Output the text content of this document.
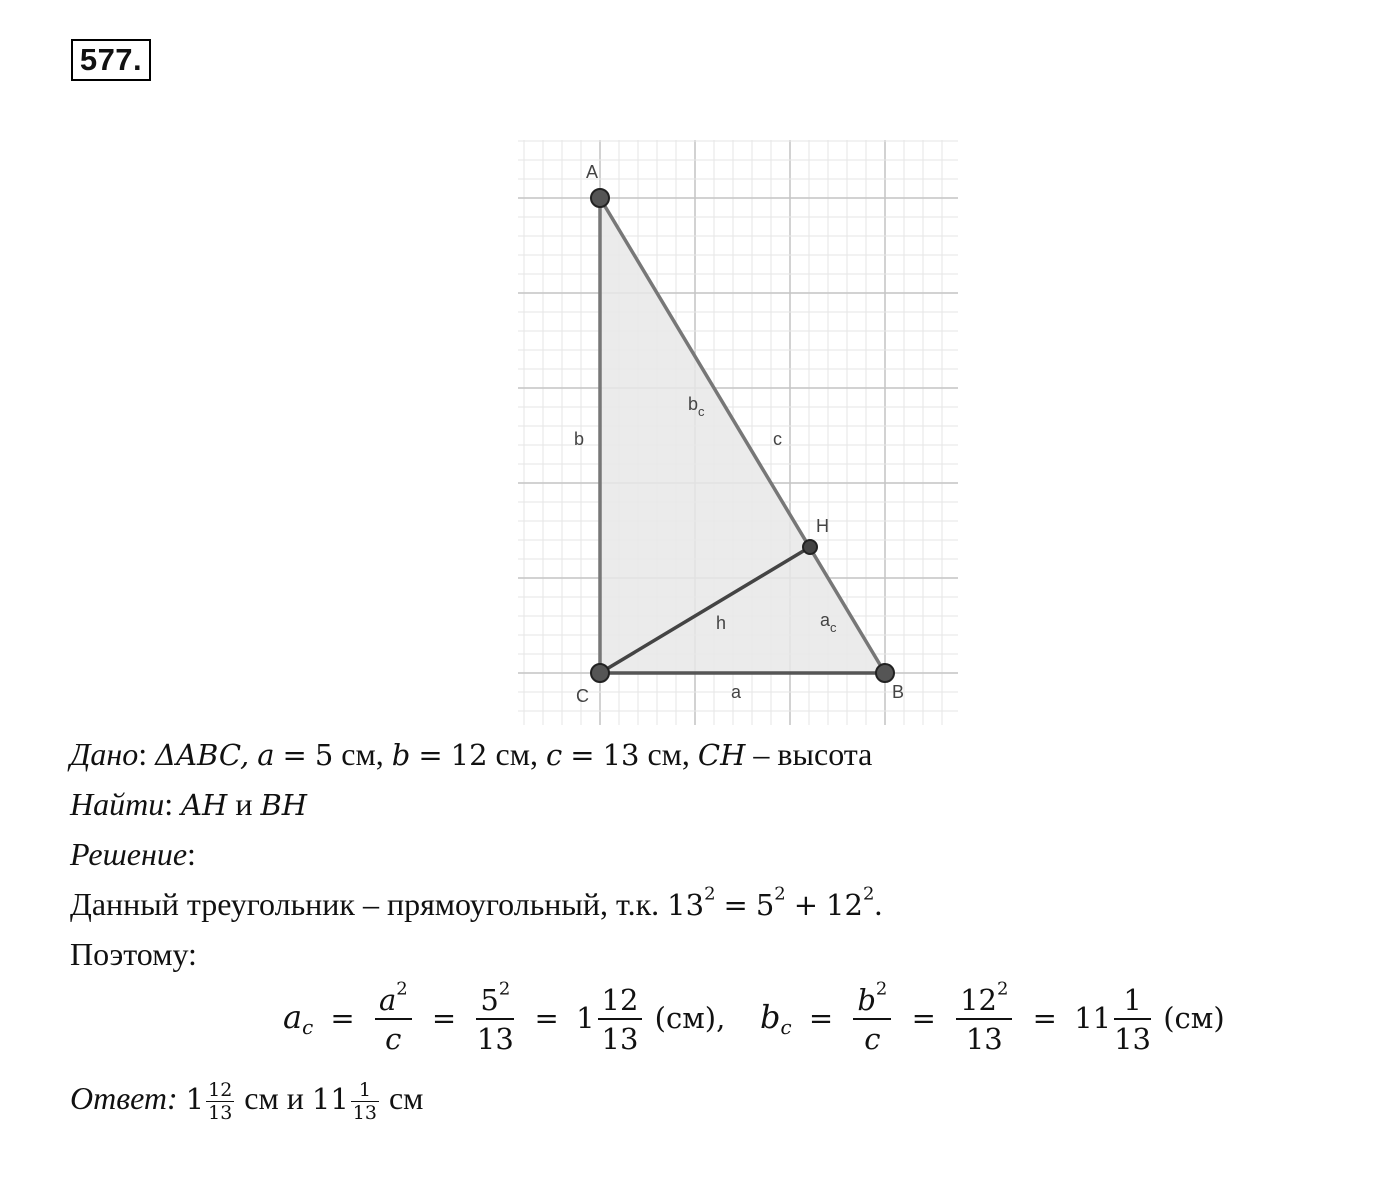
577.
A
C	B
H
b	c
a
h
$b_c$
$a_c$
Дано: ΔABC, a = 5 см, b = 12 см, c = 13 см, CH – высота
Найти: AH и BH
Решение:
Данный треугольник – прямоугольный, т.к. $13^2 = 5^2 + 12^2$.
Поэтому:
$a_c = \frac{a^2}{c} = \frac{5^2}{13} = 1 \frac{12}{13} (см)$, $b_c = \frac{b^2}{c} = \frac{12^2}{13} = 11 \frac{1}{13} (см)$
Ответ: $1 \frac{12}{13}$ см и $11 \frac{1}{13}$ см
